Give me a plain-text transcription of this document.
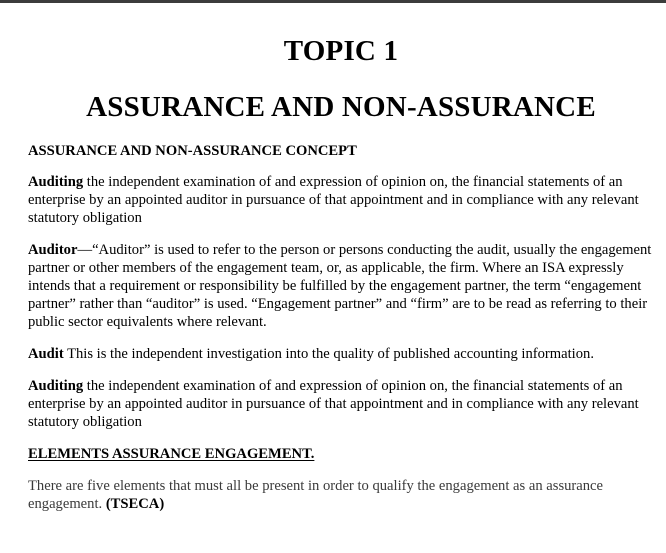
TOPIC 1
ASSURANCE AND NON-ASSURANCE
ASSURANCE AND NON-ASSURANCE CONCEPT

Auditing the independent examination of and expression of opinion on, the financial statements of an enterprise by an appointed auditor in pursuance of that appointment and in compliance with any relevant statutory obligation

Auditor—“Auditor” is used to refer to the person or persons conducting the audit, usually the engagement partner or other members of the engagement team, or, as applicable, the firm. Where an ISA expressly intends that a requirement or responsibility be fulfilled by the engagement partner, the term “engagement partner” rather than “auditor” is used. “Engagement partner” and “firm” are to be read as referring to their public sector equivalents where relevant.

Audit This is the independent investigation into the quality of published accounting information.

Auditing the independent examination of and expression of opinion on, the financial statements of an enterprise by an appointed auditor in pursuance of that appointment and in compliance with any relevant statutory obligation

ELEMENTS ASSURANCE ENGAGEMENT.

There are five elements that must all be present in order to qualify the engagement as an assurance engagement. (TSECA)
